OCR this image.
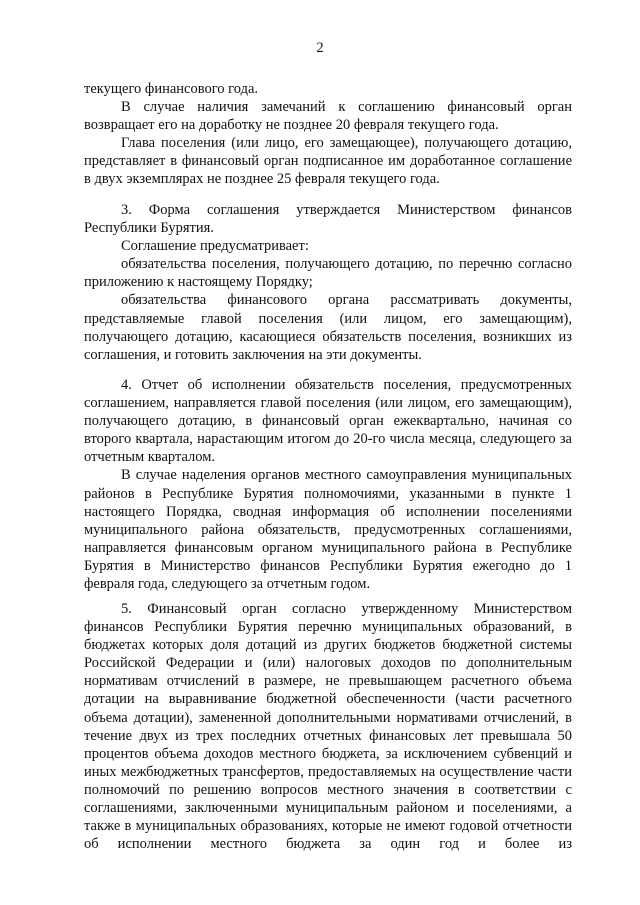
2

текущего финансового года.

В случае наличия замечаний к соглашению финансовый орган возвращает его на доработку не позднее 20 февраля текущего года.

Глава поселения (или лицо, его замещающее), получающего дотацию, представляет в финансовый орган подписанное им доработанное соглашение в двух экземплярах не позднее 25 февраля текущего года.

3. Форма соглашения утверждается Министерством финансов Республики Бурятия.

Соглашение предусматривает:

обязательства поселения, получающего дотацию, по перечню согласно приложению к настоящему Порядку;

обязательства финансового органа рассматривать документы, представляемые главой поселения (или лицом, его замещающим), получающего дотацию, касающиеся обязательств поселения, возникших из соглашения, и готовить заключения на эти документы.

4. Отчет об исполнении обязательств поселения, предусмотренных соглашением, направляется главой поселения (или лицом, его замещающим), получающего дотацию, в финансовый орган ежеквартально, начиная со второго квартала, нарастающим итогом до 20-го числа месяца, следующего за отчетным кварталом.

В случае наделения органов местного самоуправления муниципальных районов в Республике Бурятия полномочиями, указанными в пункте 1 настоящего Порядка, сводная информация об исполнении поселениями муниципального района обязательств, предусмотренных соглашениями, направляется финансовым органом муниципального района в Республике Бурятия в Министерство финансов Республики Бурятия ежегодно до 1 февраля года, следующего за отчетным годом.

5. Финансовый орган согласно утвержденному Министерством финансов Республики Бурятия перечню муниципальных образований, в бюджетах которых доля дотаций из других бюджетов бюджетной системы Российской Федерации и (или) налоговых доходов по дополнительным нормативам отчислений в размере, не превышающем расчетного объема дотации на выравнивание бюджетной обеспеченности (части расчетного объема дотации), замененной дополнительными нормативами отчислений, в течение двух из трех последних отчетных финансовых лет превышала 50 процентов объема доходов местного бюджета, за исключением субвенций и иных межбюджетных трансфертов, предоставляемых на осуществление части полномочий по решению вопросов местного значения в соответствии с соглашениями, заключенными муниципальным районом и поселениями, а также в муниципальных образованиях, которые не имеют годовой отчетности об исполнении местного бюджета за один год и более из
